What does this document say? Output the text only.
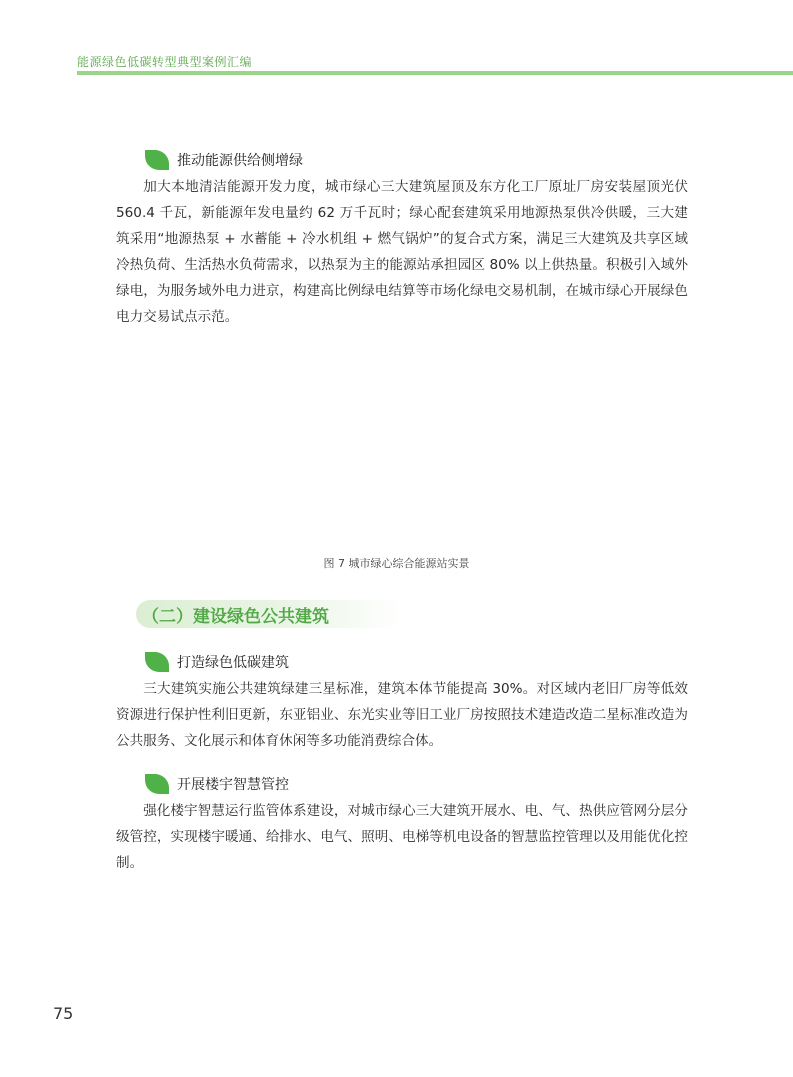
能源绿色低碳转型典型案例汇编
推动能源供给侧增绿
加大本地清洁能源开发力度，城市绿心三大建筑屋顶及东方化工厂原址厂房安装屋顶光伏 560.4 千瓦，新能源年发电量约 62 万千瓦时；绿心配套建筑采用地源热泵供冷供暖，三大建筑采用“地源热泵 + 水蓄能 + 冷水机组 + 燃气锅炉”的复合式方案，满足三大建筑及共享区域冷热负荷、生活热水负荷需求，以热泵为主的能源站承担园区 80% 以上供热量。积极引入域外绿电，为服务域外电力进京，构建高比例绿电结算等市场化绿电交易机制，在城市绿心开展绿色电力交易试点示范。
图 7 城市绿心综合能源站实景
（二）建设绿色公共建筑
打造绿色低碳建筑
三大建筑实施公共建筑绿建三星标准，建筑本体节能提高 30%。对区域内老旧厂房等低效资源进行保护性利旧更新，东亚铝业、东光实业等旧工业厂房按照技术建造改造二星标准改造为公共服务、文化展示和体育休闲等多功能消费综合体。
开展楼宇智慧管控
强化楼宇智慧运行监管体系建设，对城市绿心三大建筑开展水、电、气、热供应管网分层分级管控，实现楼宇暖通、给排水、电气、照明、电梯等机电设备的智慧监控管理以及用能优化控制。
75
